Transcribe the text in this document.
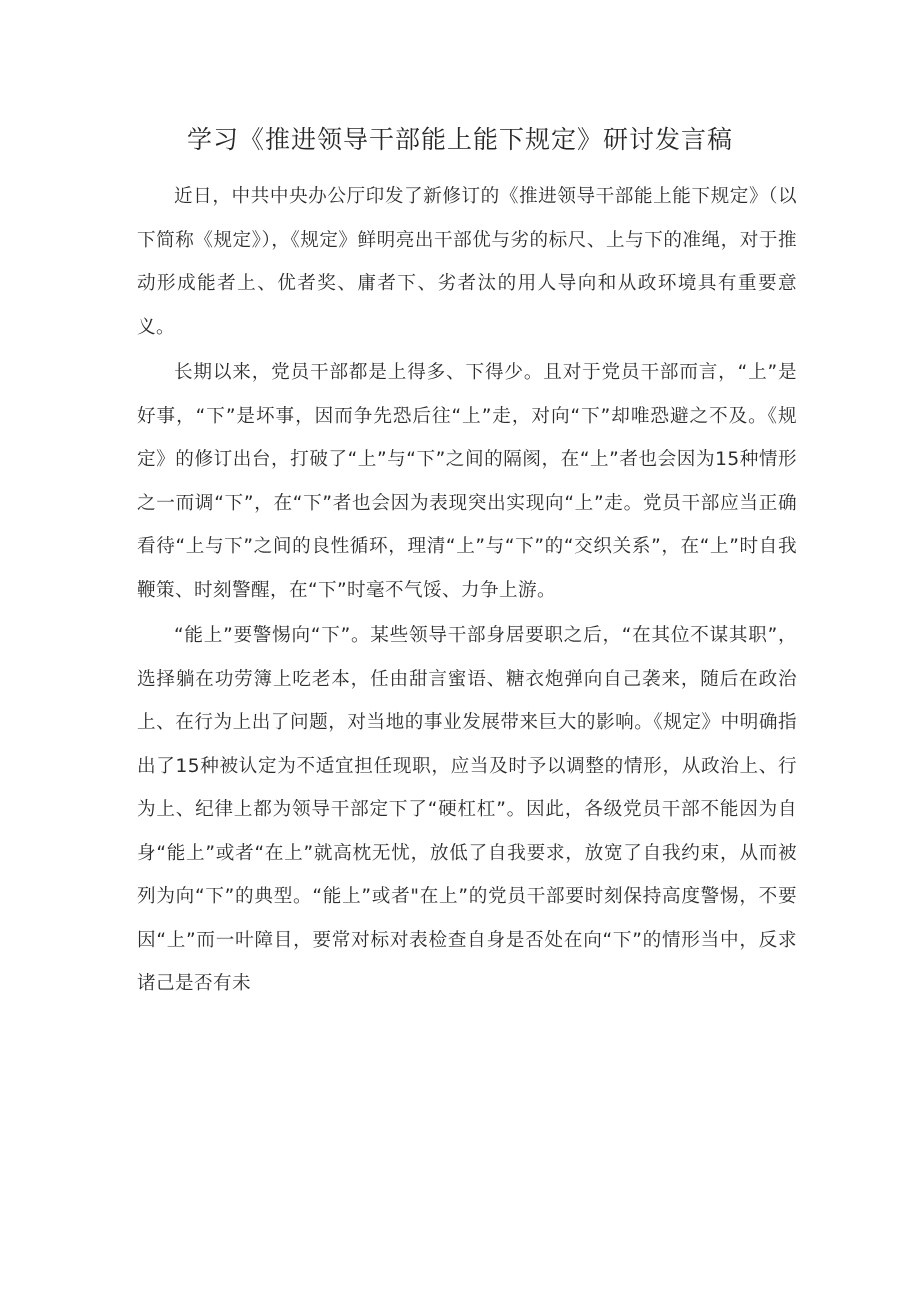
学习《推进领导干部能上能下规定》研讨发言稿

近日，中共中央办公厅印发了新修订的《推进领导干部能上能下规定》（以下简称《规定》），《规定》鲜明亮出干部优与劣的标尺、上与下的准绳，对于推动形成能者上、优者奖、庸者下、劣者汰的用人导向和从政环境具有重要意义。

长期以来，党员干部都是上得多、下得少。且对于党员干部而言，“上”是好事，“下”是坏事，因而争先恐后往“上”走，对向“下”却唯恐避之不及。《规定》的修订出台，打破了“上”与“下”之间的隔阂，在“上”者也会因为15种情形之一而调“下”，在“下”者也会因为表现突出实现向“上”走。党员干部应当正确看待“上与下”之间的良性循环，理清“上”与“下”的“交织关系”，在“上”时自我鞭策、时刻警醒，在“下”时毫不气馁、力争上游。

“能上”要警惕向“下”。某些领导干部身居要职之后，“在其位不谋其职”，选择躺在功劳簿上吃老本，任由甜言蜜语、糖衣炮弹向自己袭来，随后在政治上、在行为上出了问题，对当地的事业发展带来巨大的影响。《规定》中明确指出了15种被认定为不适宜担任现职，应当及时予以调整的情形，从政治上、行为上、纪律上都为领导干部定下了“硬杠杠”。因此，各级党员干部不能因为自身“能上”或者“在上”就高枕无忧，放低了自我要求，放宽了自我约束，从而被列为向“下”的典型。“能上”或者"在上”的党员干部要时刻保持高度警惕，不要因“上”而一叶障目，要常对标对表检查自身是否处在向“下”的情形当中，反求诸己是否有未
